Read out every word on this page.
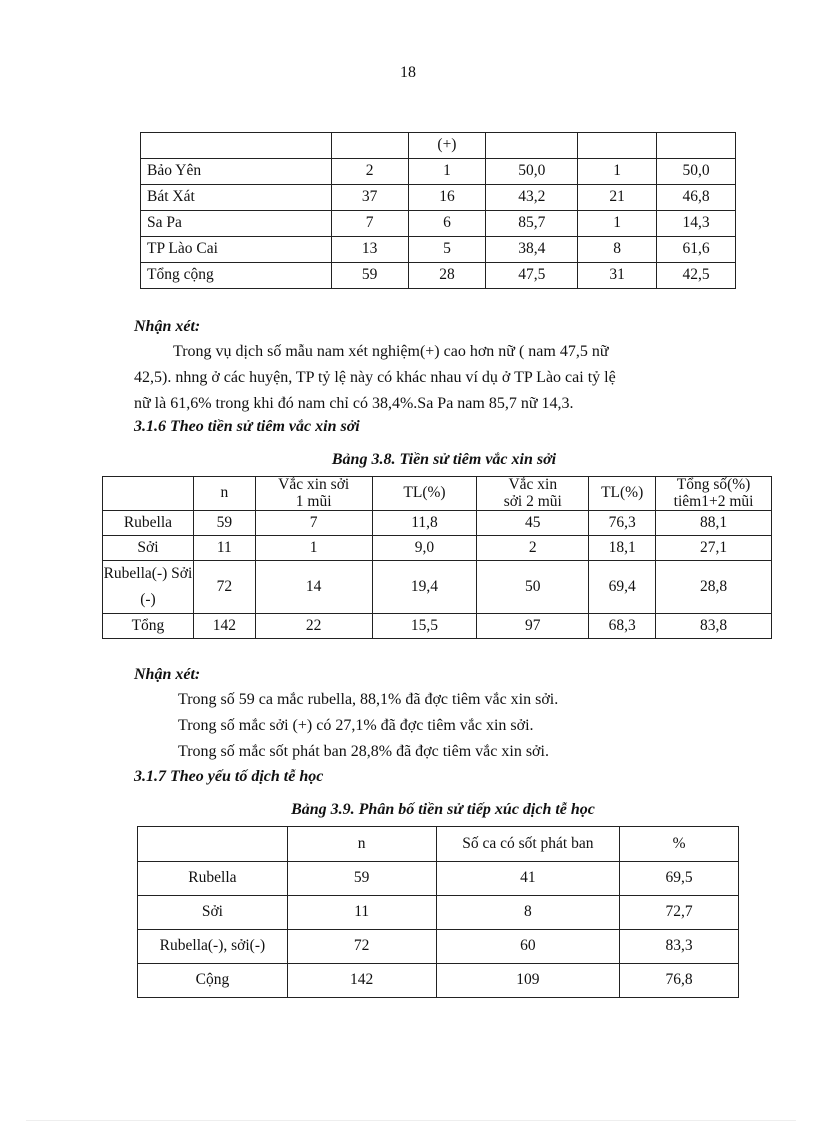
18
		(+)			
Bảo Yên	2	1	50,0	1	50,0
Bát Xát	37	16	43,2	21	46,8
Sa Pa	7	6	85,7	1	14,3
TP Lào Cai	13	5	38,4	8	61,6
Tổng cộng	59	28	47,5	31	42,5
Nhận xét:

Trong vụ dịch số mẫu nam xét nghiệm(+) cao hơn nữ ( nam 47,5 nữ

42,5). nhng ở các huyện, TP tỷ lệ này có khác nhau ví dụ ở TP Lào cai tỷ lệ

nữ là 61,6% trong khi đó nam chỉ có 38,4%.Sa Pa nam 85,7 nữ 14,3.

3.1.6 Theo tiền sử tiêm vắc xin sởi
Bảng 3.8. Tiền sử tiêm vắc xin sởi
	n	Vắc xin sởi 1 mũi	TL(%)	Vắc xin sởi 2 mũi	TL(%)	Tổng số(%) tiêm1+2 mũi
Rubella	59	7	11,8	45	76,3	88,1
Sởi	11	1	9,0	2	18,1	27,1
Rubella(-) Sởi (-)	72	14	19,4	50	69,4	28,8
Tổng	142	22	15,5	97	68,3	83,8
Nhận xét:

Trong số 59 ca mắc rubella, 88,1% đã đợc tiêm vắc xin sởi.

Trong số mắc sởi (+) có 27,1% đã đợc tiêm vắc xin sởi.

Trong số mắc sốt phát ban 28,8% đã đợc tiêm vắc xin sởi.

3.1.7 Theo yếu tố dịch tễ học
Bảng 3.9. Phân bố tiền sử tiếp xúc dịch tễ học
	n	Số ca có sốt phát ban	%
Rubella	59	41	69,5
Sởi	11	8	72,7
Rubella(-), sởi(-)	72	60	83,3
Cộng	142	109	76,8
